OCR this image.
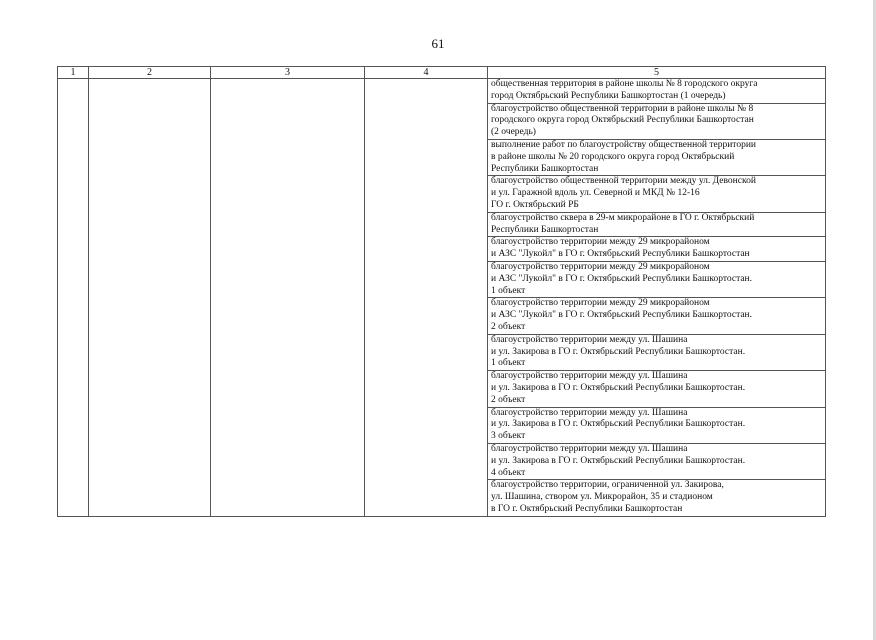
61
1	2	3	4	5

				общественная территория в районе школы № 8 городского округа
город Октябрьский Республики Башкортостан (1 очередь)

				благоустройство общественной территории в районе школы № 8
городского округа город Октябрьский Республики Башкортостан
(2 очередь)

				выполнение работ по благоустройству общественной территории
в районе школы № 20 городского округа город Октябрьский
Республики Башкортостан

				благоустройство общественной территории между ул. Девонской
и ул. Гаражной вдоль ул. Северной и МКД № 12-16
ГО г. Октябрьский РБ

				благоустройство сквера в 29-м микрорайоне в ГО г. Октябрьский
Республики Башкортостан

				благоустройство территории между 29 микрорайоном
и АЗС "Лукойл" в ГО г. Октябрьский Республики Башкортостан

				благоустройство территории между 29 микрорайоном
и АЗС "Лукойл" в ГО г. Октябрьский Республики Башкортостан.
1 объект

				благоустройство территории между 29 микрорайоном
и АЗС "Лукойл" в ГО г. Октябрьский Республики Башкортостан.
2 объект

				благоустройство территории между ул. Шашина
и ул. Закирова в ГО г. Октябрьский Республики Башкортостан.
1 объект

				благоустройство территории между ул. Шашина
и ул. Закирова в ГО г. Октябрьский Республики Башкортостан.
2 объект

				благоустройство территории между ул. Шашина
и ул. Закирова в ГО г. Октябрьский Республики Башкортостан.
3 объект

				благоустройство территории между ул. Шашина
и ул. Закирова в ГО г. Октябрьский Республики Башкортостан.
4 объект

				благоустройство территории, ограниченной ул. Закирова,
ул. Шашина, створом ул. Микрорайон, 35 и стадионом
в ГО г. Октябрьский Республики Башкортостан
